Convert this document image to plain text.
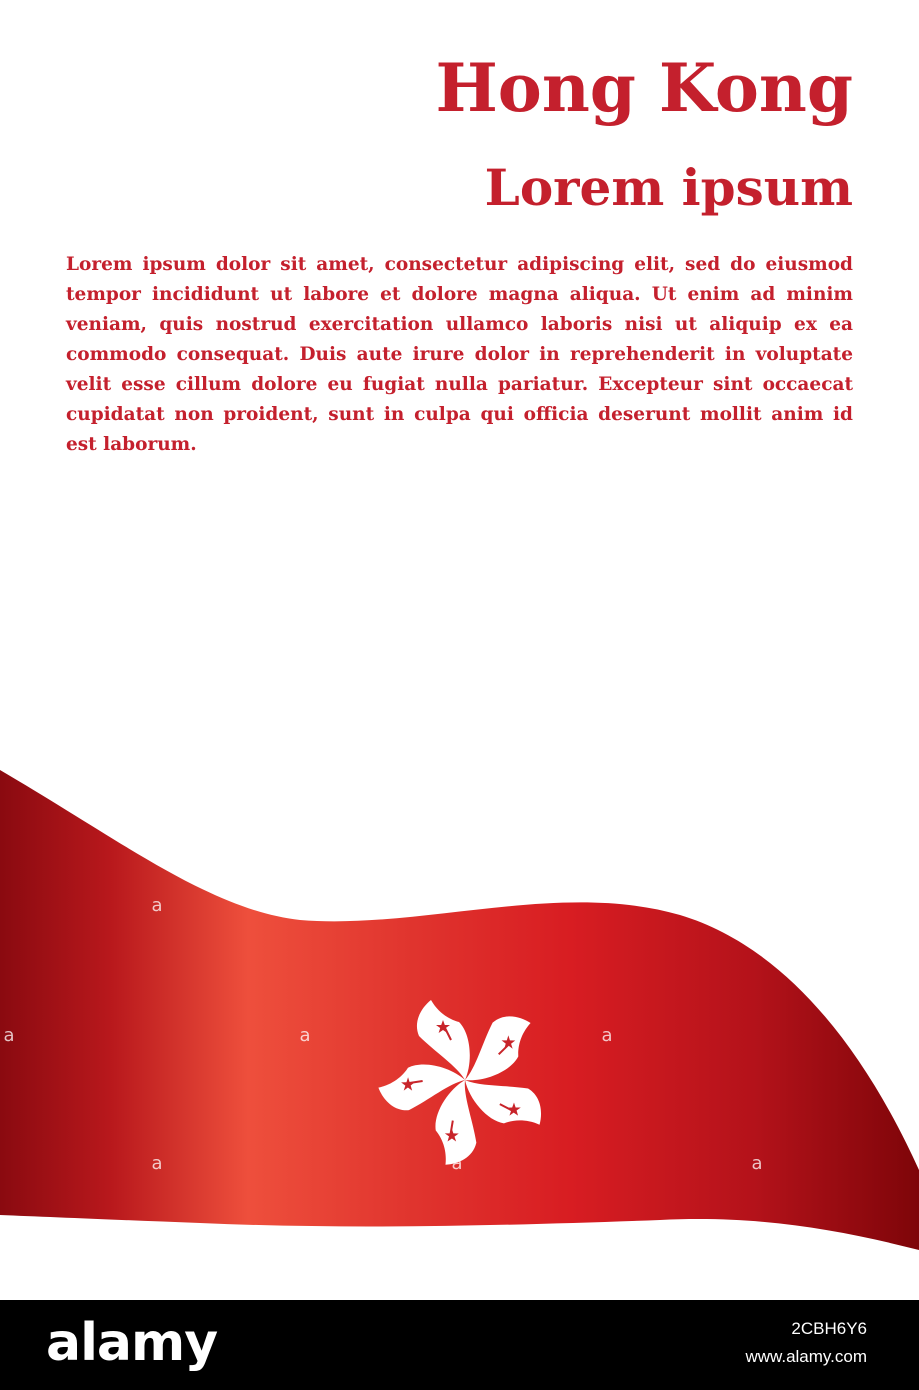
Hong Kong
Lorem ipsum

Lorem ipsum dolor sit amet, consectetur adipiscing elit, sed do eiusmod tempor incididunt ut labore et dolore magna aliqua. Ut enim ad minim veniam, quis nostrud exercitation ullamco laboris nisi ut aliquip ex ea commodo consequat. Duis aute irure dolor in reprehenderit in voluptate velit esse cillum dolore eu fugiat nulla pariatur. Excepteur sint occaecat cupidatat non proident, sunt in culpa qui officia deserunt mollit anim id est laborum.

a
a	a	a
a	a	a
alamy	2CBH6Y6
www.alamy.com
